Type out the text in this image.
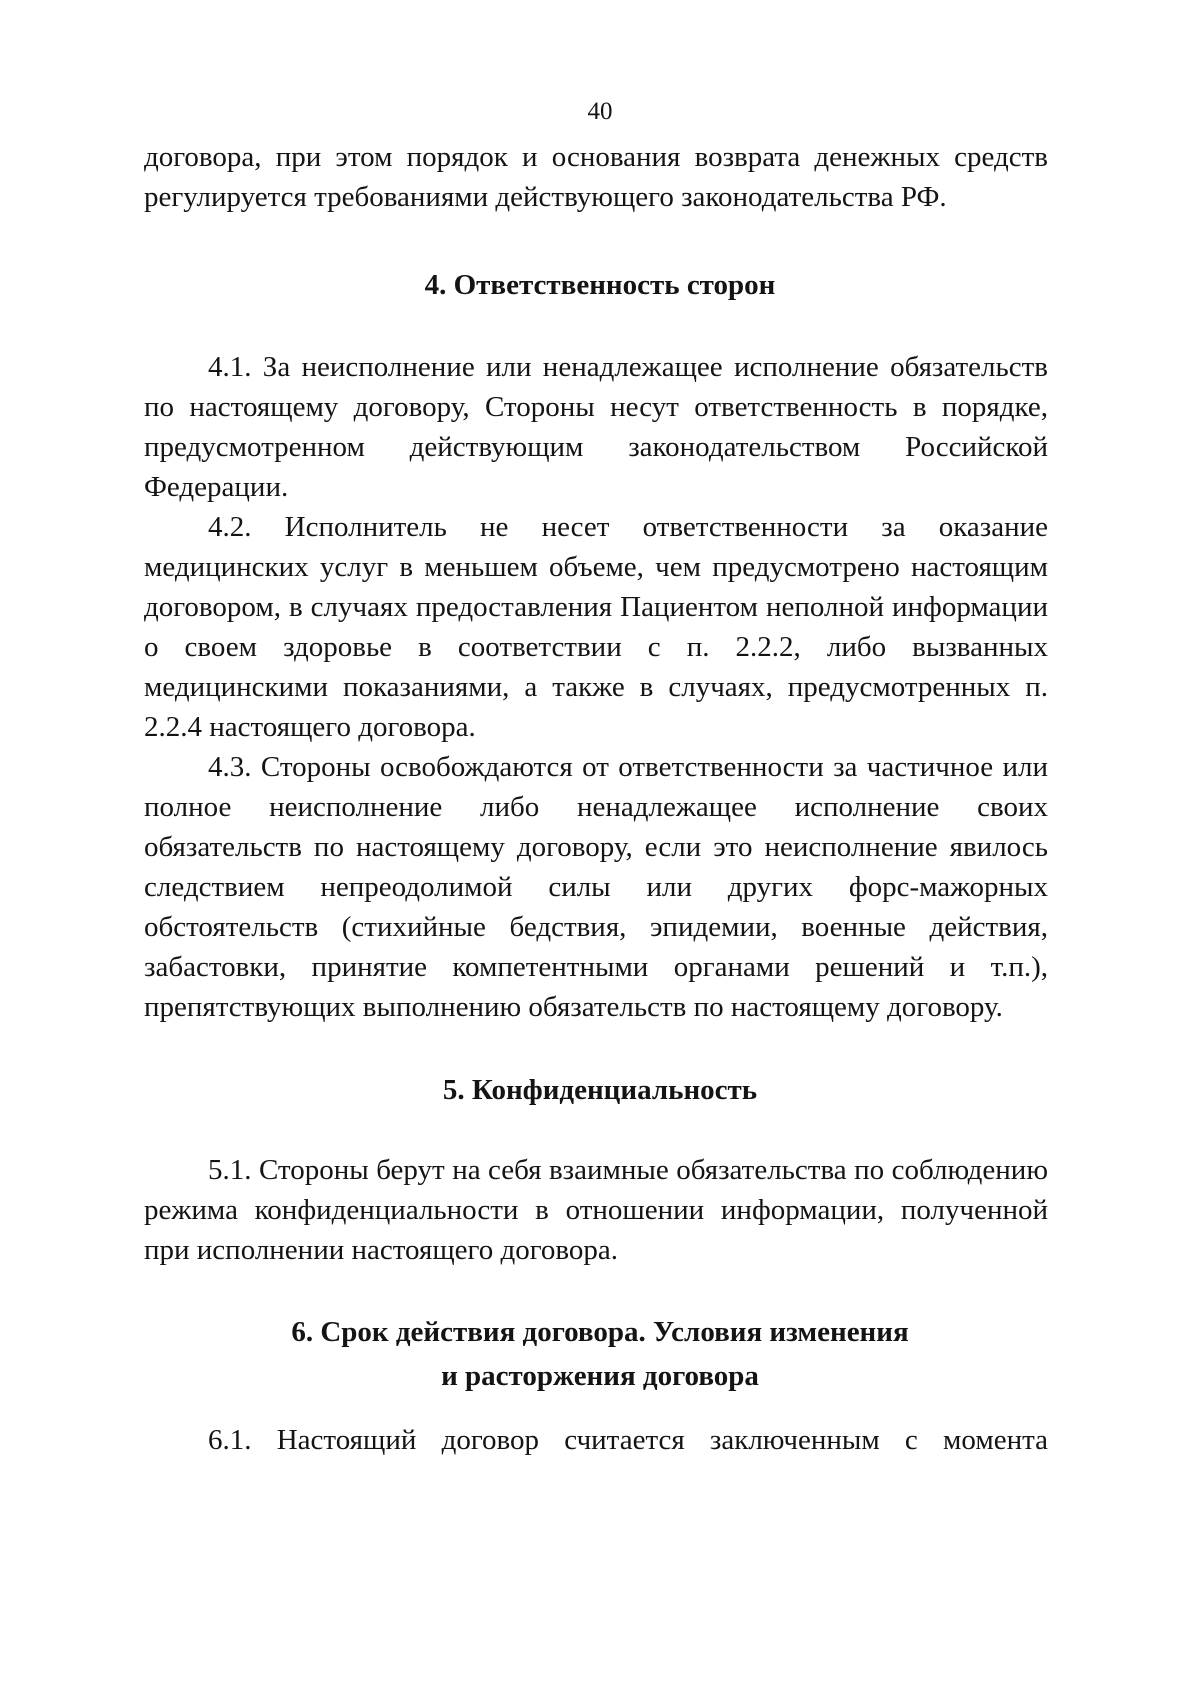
40

договора, при этом порядок и основания возврата денежных средств регулируется требованиями действующего законодательства РФ.

4. Ответственность сторон

4.1. За неисполнение или ненадлежащее исполнение обязательств по настоящему договору, Стороны несут ответственность в порядке, предусмотренном действующим законодательством Российской Федерации.

4.2. Исполнитель не несет ответственности за оказание медицинских услуг в меньшем объеме, чем предусмотрено настоящим договором, в случаях предоставления Пациентом неполной информации о своем здоровье в соответствии с п. 2.2.2, либо вызванных медицинскими показаниями, а также в случаях, предусмотренных п. 2.2.4 настоящего договора.

4.3. Стороны освобождаются от ответственности за частичное или полное неисполнение либо ненадлежащее исполнение своих обязательств по настоящему договору, если это неисполнение явилось следствием непреодолимой силы или других форс-мажорных обстоятельств (стихийные бедствия, эпидемии, военные действия, забастовки, принятие компетентными органами решений и т.п.), препятствующих выполнению обязательств по настоящему договору.

5. Конфиденциальность

5.1. Стороны берут на себя взаимные обязательства по соблюдению режима конфиденциальности в отношении информации, полученной при исполнении настоящего договора.

6. Срок действия договора. Условия изменения
и расторжения договора

6.1. Настоящий договор считается заключенным с момента
